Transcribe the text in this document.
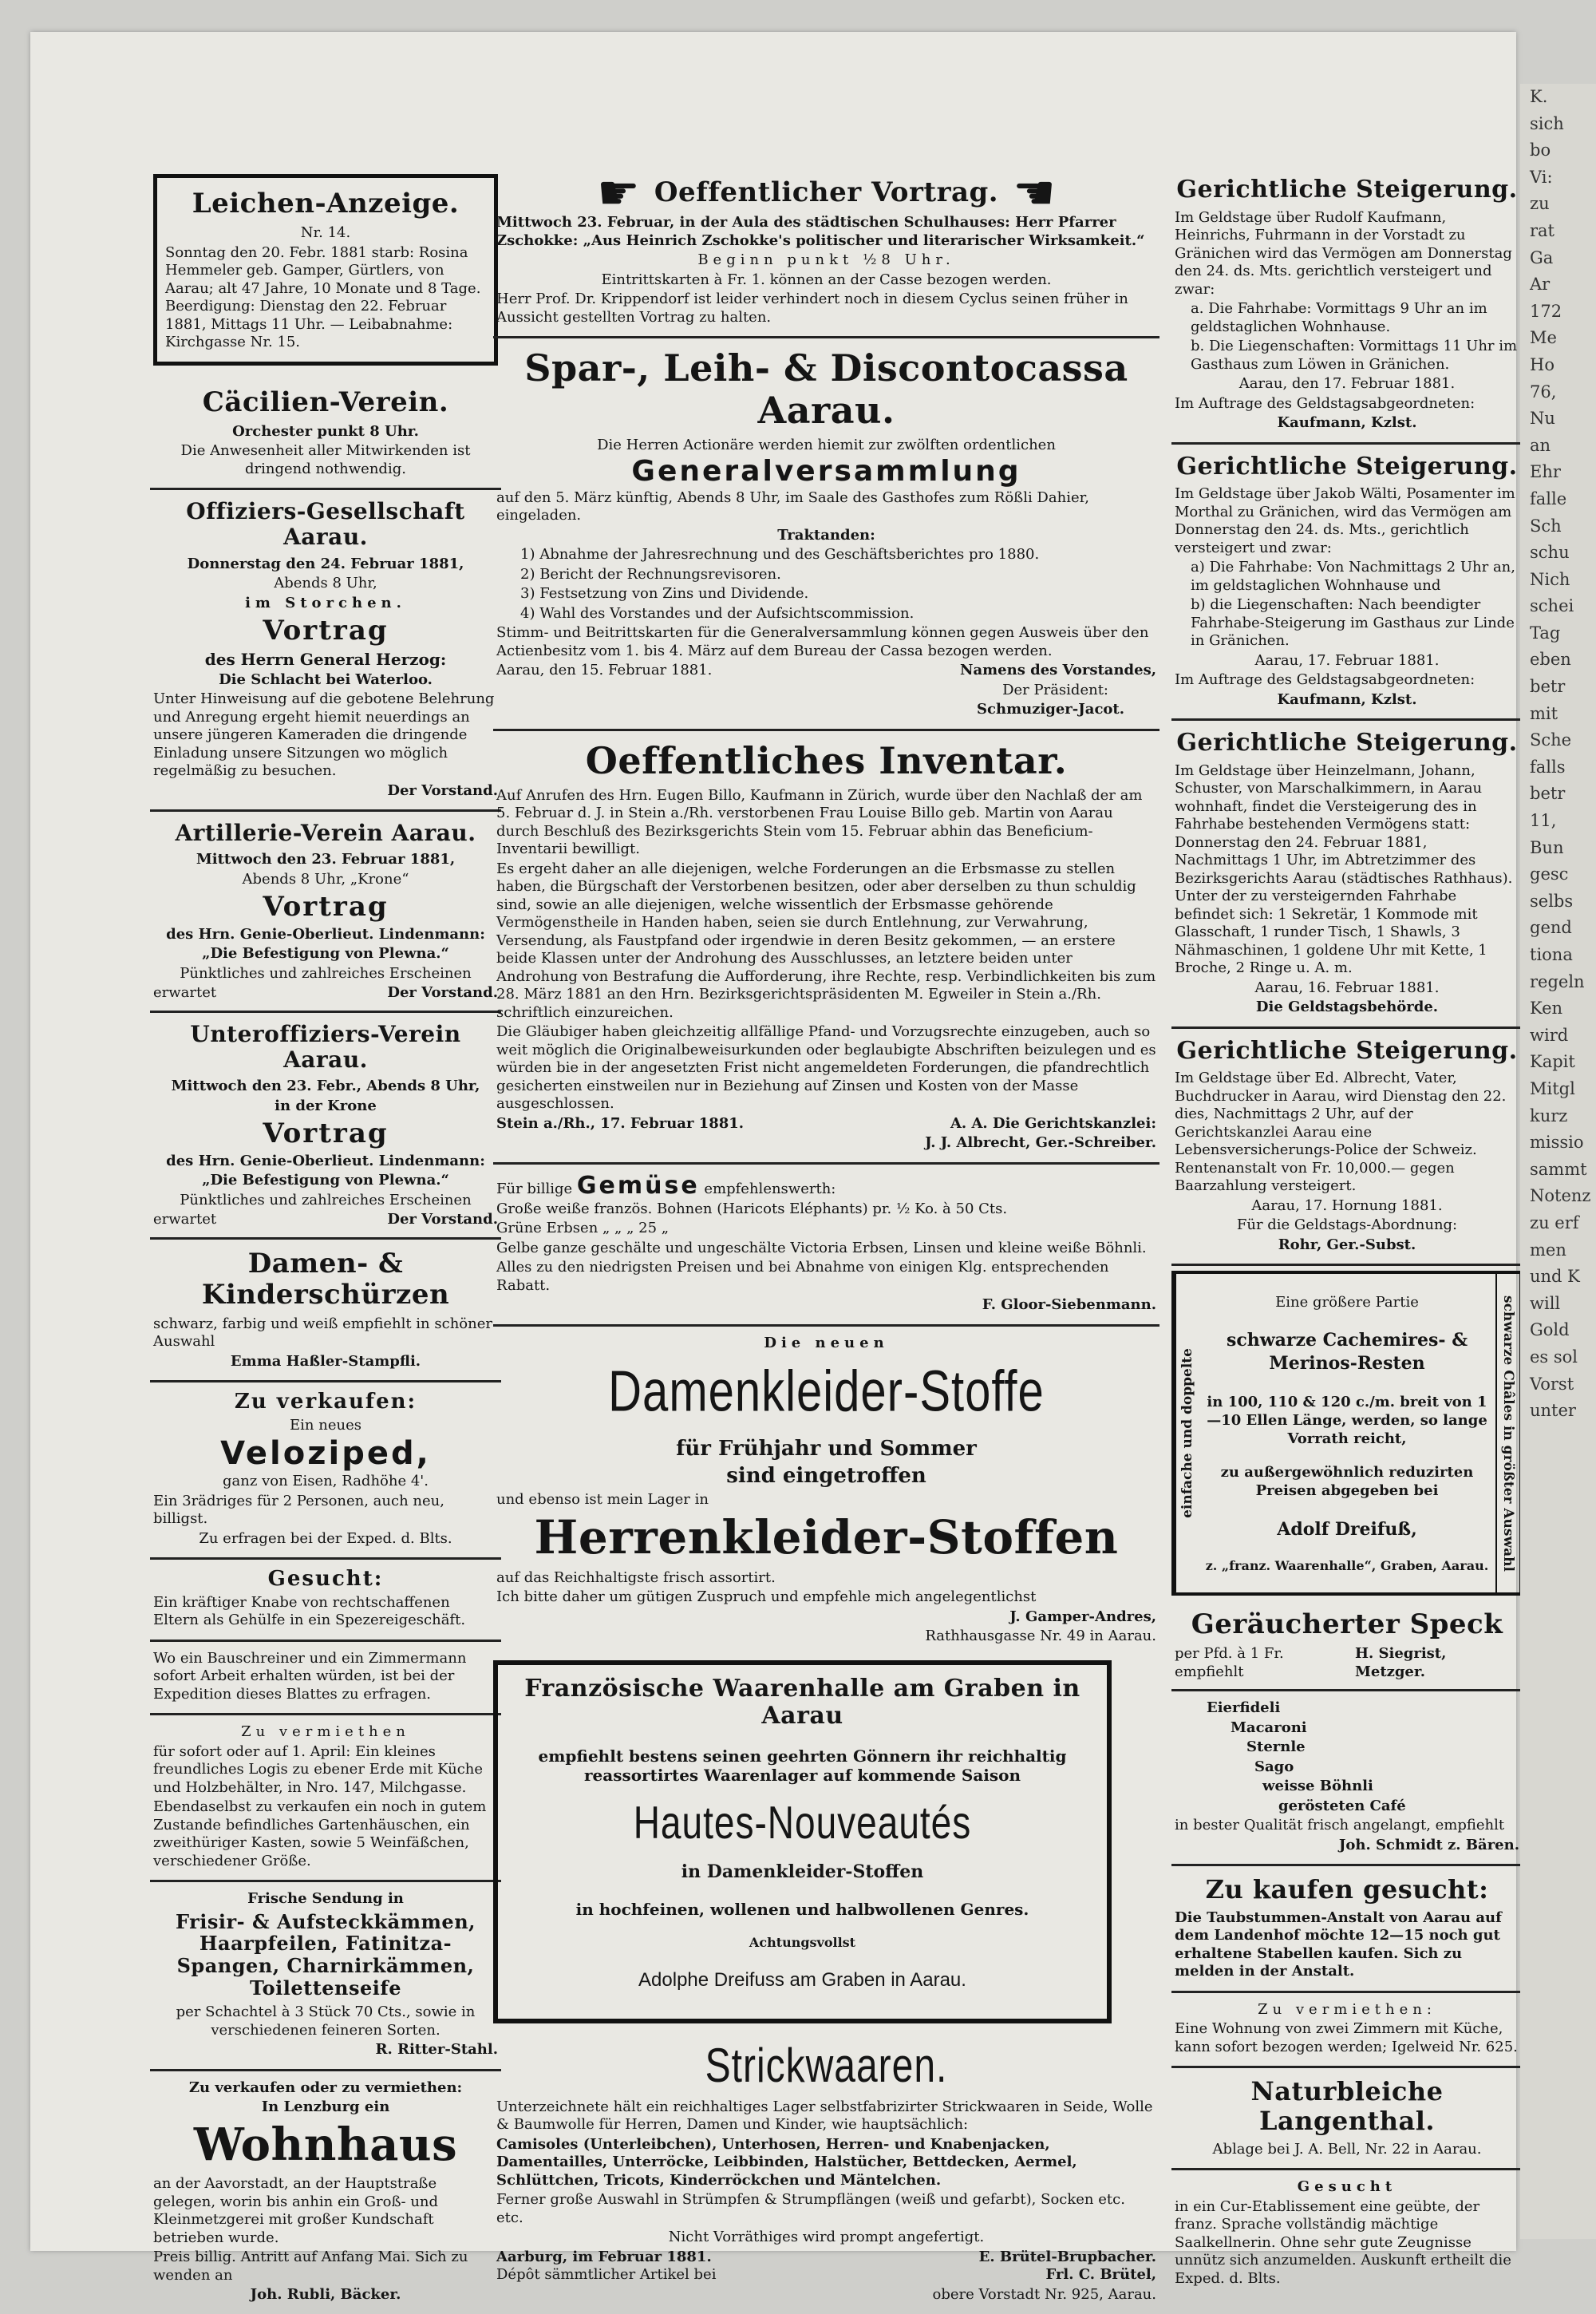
Leichen-Anzeige.

Nr. 14.

Sonntag den 20. Febr. 1881 starb: Rosina Hemmeler geb. Gamper, Gürtlers, von Aarau; alt 47 Jahre, 10 Monate und 8 Tage. Beerdigung: Dienstag den 22. Februar 1881, Mittags 11 Uhr. — Leibabnahme: Kirchgasse Nr. 15.

Cäcilien-Verein.

Orchester punkt 8 Uhr.

Die Anwesenheit aller Mitwirkenden ist dringend nothwendig.

Offiziers-Gesellschaft Aarau.

Donnerstag den 24. Februar 1881,

Abends 8 Uhr,

im Storchen.

Vortrag

des Herrn General Herzog:

Die Schlacht bei Waterloo.

Unter Hinweisung auf die gebotene Belehrung und Anregung ergeht hiemit neuerdings an unsere jüngeren Kameraden die dringende Einladung unsere Sitzungen wo möglich regelmäßig zu besuchen.

Der Vorstand.

Artillerie-Verein Aarau.

Mittwoch den 23. Februar 1881,

Abends 8 Uhr, „Krone“

Vortrag

des Hrn. Genie-Oberlieut. Lindenmann:

„Die Befestigung von Plewna.“

Pünktliches und zahlreiches Erscheinen

erwartet	Der Vorstand.
Unteroffiziers-Verein Aarau.

Mittwoch den 23. Febr., Abends 8 Uhr,

in der Krone

Vortrag

des Hrn. Genie-Oberlieut. Lindenmann:

„Die Befestigung von Plewna.“

Pünktliches und zahlreiches Erscheinen

erwartet	Der Vorstand.
Damen- & Kinderschürzen

schwarz, farbig und weiß empfiehlt in schöner Auswahl

Emma Haßler-Stampfli.

Zu verkaufen:

Ein neues

Veloziped,

ganz von Eisen, Radhöhe 4'.

Ein 3rädriges für 2 Personen, auch neu, billigst.

Zu erfragen bei der Exped. d. Blts.

Gesucht:

Ein kräftiger Knabe von rechtschaffenen Eltern als Gehülfe in ein Spezereigeschäft.

Wo ein Bauschreiner und ein Zimmermann sofort Arbeit erhalten würden, ist bei der Expedition dieses Blattes zu erfragen.

Zu vermiethen

für sofort oder auf 1. April: Ein kleines freundliches Logis zu ebener Erde mit Küche und Holzbehälter, in Nro. 147, Milchgasse.

Ebendaselbst zu verkaufen ein noch in gutem Zustande befindliches Gartenhäuschen, ein zweithüriger Kasten, sowie 5 Weinfäßchen, verschiedener Größe.

Frische Sendung in

Frisir- & Aufsteckkämmen, Haarpfeilen, Fatinitza-Spangen, Charnirkämmen, Toilettenseife

per Schachtel à 3 Stück 70 Cts., sowie in verschiedenen feineren Sorten.

R. Ritter-Stahl.

Zu verkaufen oder zu vermiethen:

In Lenzburg ein

Wohnhaus

an der Aavorstadt, an der Hauptstraße gelegen, worin bis anhin ein Groß- und Kleinmetzgerei mit großer Kundschaft betrieben wurde.

Preis billig. Antritt auf Anfang Mai. Sich zu wenden an

Joh. Rubli, Bäcker.

☛ Oeffentlicher Vortrag. ☚

Mittwoch 23. Februar, in der Aula des städtischen Schulhauses: Herr Pfarrer Zschokke: „Aus Heinrich Zschokke's politischer und literarischer Wirksamkeit.“

Beginn punkt ½8 Uhr.

Eintrittskarten à Fr. 1. können an der Casse bezogen werden.

Herr Prof. Dr. Krippendorf ist leider verhindert noch in diesem Cyclus seinen früher in Aussicht gestellten Vortrag zu halten.

Spar-, Leih- & Discontocassa Aarau.

Die Herren Actionäre werden hiemit zur zwölften ordentlichen

Generalversammlung

auf den 5. März künftig, Abends 8 Uhr, im Saale des Gasthofes zum Rößli Dahier, eingeladen.

Traktanden:

1) Abnahme der Jahresrechnung und des Geschäftsberichtes pro 1880.

2) Bericht der Rechnungsrevisoren.

3) Festsetzung von Zins und Dividende.

4) Wahl des Vorstandes und der Aufsichtscommission.

Stimm- und Beitrittskarten für die Generalversammlung können gegen Ausweis über den Actienbesitz vom 1. bis 4. März auf dem Bureau der Cassa bezogen werden.

Aarau, den 15. Februar 1881.	Namens des Vorstandes,

Der Präsident:

Schmuziger-Jacot.

Oeffentliches Inventar.

Auf Anrufen des Hrn. Eugen Billo, Kaufmann in Zürich, wurde über den Nachlaß der am 5. Februar d. J. in Stein a./Rh. verstorbenen Frau Louise Billo geb. Martin von Aarau durch Beschluß des Bezirksgerichts Stein vom 15. Februar abhin das Beneficium-Inventarii bewilligt.

Es ergeht daher an alle diejenigen, welche Forderungen an die Erbsmasse zu stellen haben, die Bürgschaft der Verstorbenen besitzen, oder aber derselben zu thun schuldig sind, sowie an alle diejenigen, welche wissentlich der Erbsmasse gehörende Vermögenstheile in Handen haben, seien sie durch Entlehnung, zur Verwahrung, Versendung, als Faustpfand oder irgendwie in deren Besitz gekommen, — an erstere beide Klassen unter der Androhung des Ausschlusses, an letztere beiden unter Androhung von Bestrafung die Aufforderung, ihre Rechte, resp. Verbindlichkeiten bis zum 28. März 1881 an den Hrn. Bezirksgerichtspräsidenten M. Egweiler in Stein a./Rh. schriftlich einzureichen.

Die Gläubiger haben gleichzeitig allfällige Pfand- und Vorzugsrechte einzugeben, auch so weit möglich die Originalbeweisurkunden oder beglaubigte Abschriften beizulegen und es würden bie in der angesetzten Frist nicht angemeldeten Forderungen, die pfandrechtlich gesicherten einstweilen nur in Beziehung auf Zinsen und Kosten von der Masse ausgeschlossen.

Stein a./Rh., 17. Februar 1881.	A. A. Die Gerichtskanzlei:

J. J. Albrecht, Ger.-Schreiber.

Für billige Gemüse empfehlenswerth:

Große weiße französ. Bohnen (Haricots Eléphants) pr. ½ Ko. à 50 Cts.

Grüne Erbsen „ „ „ 25 „

Gelbe ganze geschälte und ungeschälte Victoria Erbsen, Linsen und kleine weiße Böhnli.

Alles zu den niedrigsten Preisen und bei Abnahme von einigen Klg. entsprechenden Rabatt.

F. Gloor-Siebenmann.

Die neuen

Damenkleider-Stoffe

für Frühjahr und Sommer

sind eingetroffen

und ebenso ist mein Lager in

Herrenkleider-Stoffen

auf das Reichhaltigste frisch assortirt.

Ich bitte daher um gütigen Zuspruch und empfehle mich angelegentlichst

J. Gamper-Andres,

Rathhausgasse Nr. 49 in Aarau.

Französische Waarenhalle am Graben in Aarau

empfiehlt bestens seinen geehrten Gönnern ihr reichhaltig reassortirtes Waarenlager auf kommende Saison

Hautes-Nouveautés

in Damenkleider-Stoffen

in hochfeinen, wollenen und halbwollenen Genres.

Achtungsvollst

Adolphe Dreifuss am Graben in Aarau.

Strickwaaren.

Unterzeichnete hält ein reichhaltiges Lager selbstfabrizirter Strickwaaren in Seide, Wolle & Baumwolle für Herren, Damen und Kinder, wie hauptsächlich:

Camisoles (Unterleibchen), Unterhosen, Herren- und Knabenjacken, Damentailles, Unterröcke, Leibbinden, Halstücher, Bettdecken, Aermel, Schlüttchen, Tricots, Kinderröckchen und Mäntelchen.

Ferner große Auswahl in Strümpfen & Strumpflängen (weiß und gefarbt), Socken etc. etc.

Nicht Vorräthiges wird prompt angefertigt.

Aarburg, im Februar 1881.	E. Brütel-Brupbacher.
Dépôt sämmtlicher Artikel bei	Frl. C. Brütel,

obere Vorstadt Nr. 925, Aarau.

Gerichtliche Steigerung.

Im Geldstage über Rudolf Kaufmann, Heinrichs, Fuhrmann in der Vorstadt zu Gränichen wird das Vermögen am Donnerstag den 24. ds. Mts. gerichtlich versteigert und zwar:

a. Die Fahrhabe: Vormittags 9 Uhr an im geldstaglichen Wohnhause.

b. Die Liegenschaften: Vormittags 11 Uhr im Gasthaus zum Löwen in Gränichen.

Aarau, den 17. Februar 1881.

Im Auftrage des Geldstagsabgeordneten:

Kaufmann, Kzlst.

Gerichtliche Steigerung.

Im Geldstage über Jakob Wälti, Posamenter im Morthal zu Gränichen, wird das Vermögen am Donnerstag den 24. ds. Mts., gerichtlich versteigert und zwar:

a) Die Fahrhabe: Von Nachmittags 2 Uhr an, im geldstaglichen Wohnhause und

b) die Liegenschaften: Nach beendigter Fahrhabe-Steigerung im Gasthaus zur Linde in Gränichen.

Aarau, 17. Februar 1881.

Im Auftrage des Geldstagsabgeordneten:

Kaufmann, Kzlst.

Gerichtliche Steigerung.

Im Geldstage über Heinzelmann, Johann, Schuster, von Marschalkimmern, in Aarau wohnhaft, findet die Versteigerung des in Fahrhabe bestehenden Vermögens statt: Donnerstag den 24. Februar 1881, Nachmittags 1 Uhr, im Abtretzimmer des Bezirksgerichts Aarau (städtisches Rathhaus). Unter der zu versteigernden Fahrhabe befindet sich: 1 Sekretär, 1 Kommode mit Glasschaft, 1 runder Tisch, 1 Shawls, 3 Nähmaschinen, 1 goldene Uhr mit Kette, 1 Broche, 2 Ringe u. A. m.

Aarau, 16. Februar 1881.

Die Geldstagsbehörde.

Gerichtliche Steigerung.

Im Geldstage über Ed. Albrecht, Vater, Buchdrucker in Aarau, wird Dienstag den 22. dies, Nachmittags 2 Uhr, auf der Gerichtskanzlei Aarau eine Lebensversicherungs-Police der Schweiz. Rentenanstalt von Fr. 10,000.— gegen Baarzahlung versteigert.

Aarau, 17. Hornung 1881.

Für die Geldstags-Abordnung:

Rohr, Ger.-Subst.

einfache und doppelte

Eine größere Partie

schwarze Cachemires- & Merinos-Resten

in 100, 110 & 120 c./m. breit von 1—10 Ellen Länge, werden, so lange Vorrath reicht,

zu außergewöhnlich reduzirten Preisen abgegeben bei

Adolf Dreifuß,

z. „franz. Waarenhalle“, Graben, Aarau. schwarze Châles in größter Auswahl
Geräucherter Speck
per Pfd. à 1 Fr. empfiehlt
H. Siegrist, Metzger.

Eierfideli

Macaroni

Sternle

Sago

weisse Böhnli

gerösteten Café

in bester Qualität frisch angelangt, empfiehlt

Joh. Schmidt z. Bären.

Zu kaufen gesucht:

Die Taubstummen-Anstalt von Aarau auf dem Landenhof möchte 12—15 noch gut erhaltene Stabellen kaufen. Sich zu melden in der Anstalt.

Zu vermiethen:

Eine Wohnung von zwei Zimmern mit Küche, kann sofort bezogen werden; Igelweid Nr. 625.

Naturbleiche Langenthal.

Ablage bei J. A. Bell, Nr. 22 in Aarau.

Gesucht

in ein Cur-Etablissement eine geübte, der franz. Sprache vollständig mächtige Saalkellnerin. Ohne sehr gute Zeugnisse unnütz sich anzumelden. Auskunft ertheilt die Exped. d. Blts.

K.
sich
bo
Vi:
zu
rat
Ga
Ar
172
Me
Ho
76,
Nu
an
Ehr
falle
Sch
schu
Nich
schei
Tag
eben
betr
mit
Sche
falls
betr
11,
Bun
gesc
selbs
gend
tiona
regeln
Ken
wird
Kapit
Mitgl
kurz
missio
sammt
Notenz
zu erf
men
und K
will
Gold
es sol
Vorst
unter
